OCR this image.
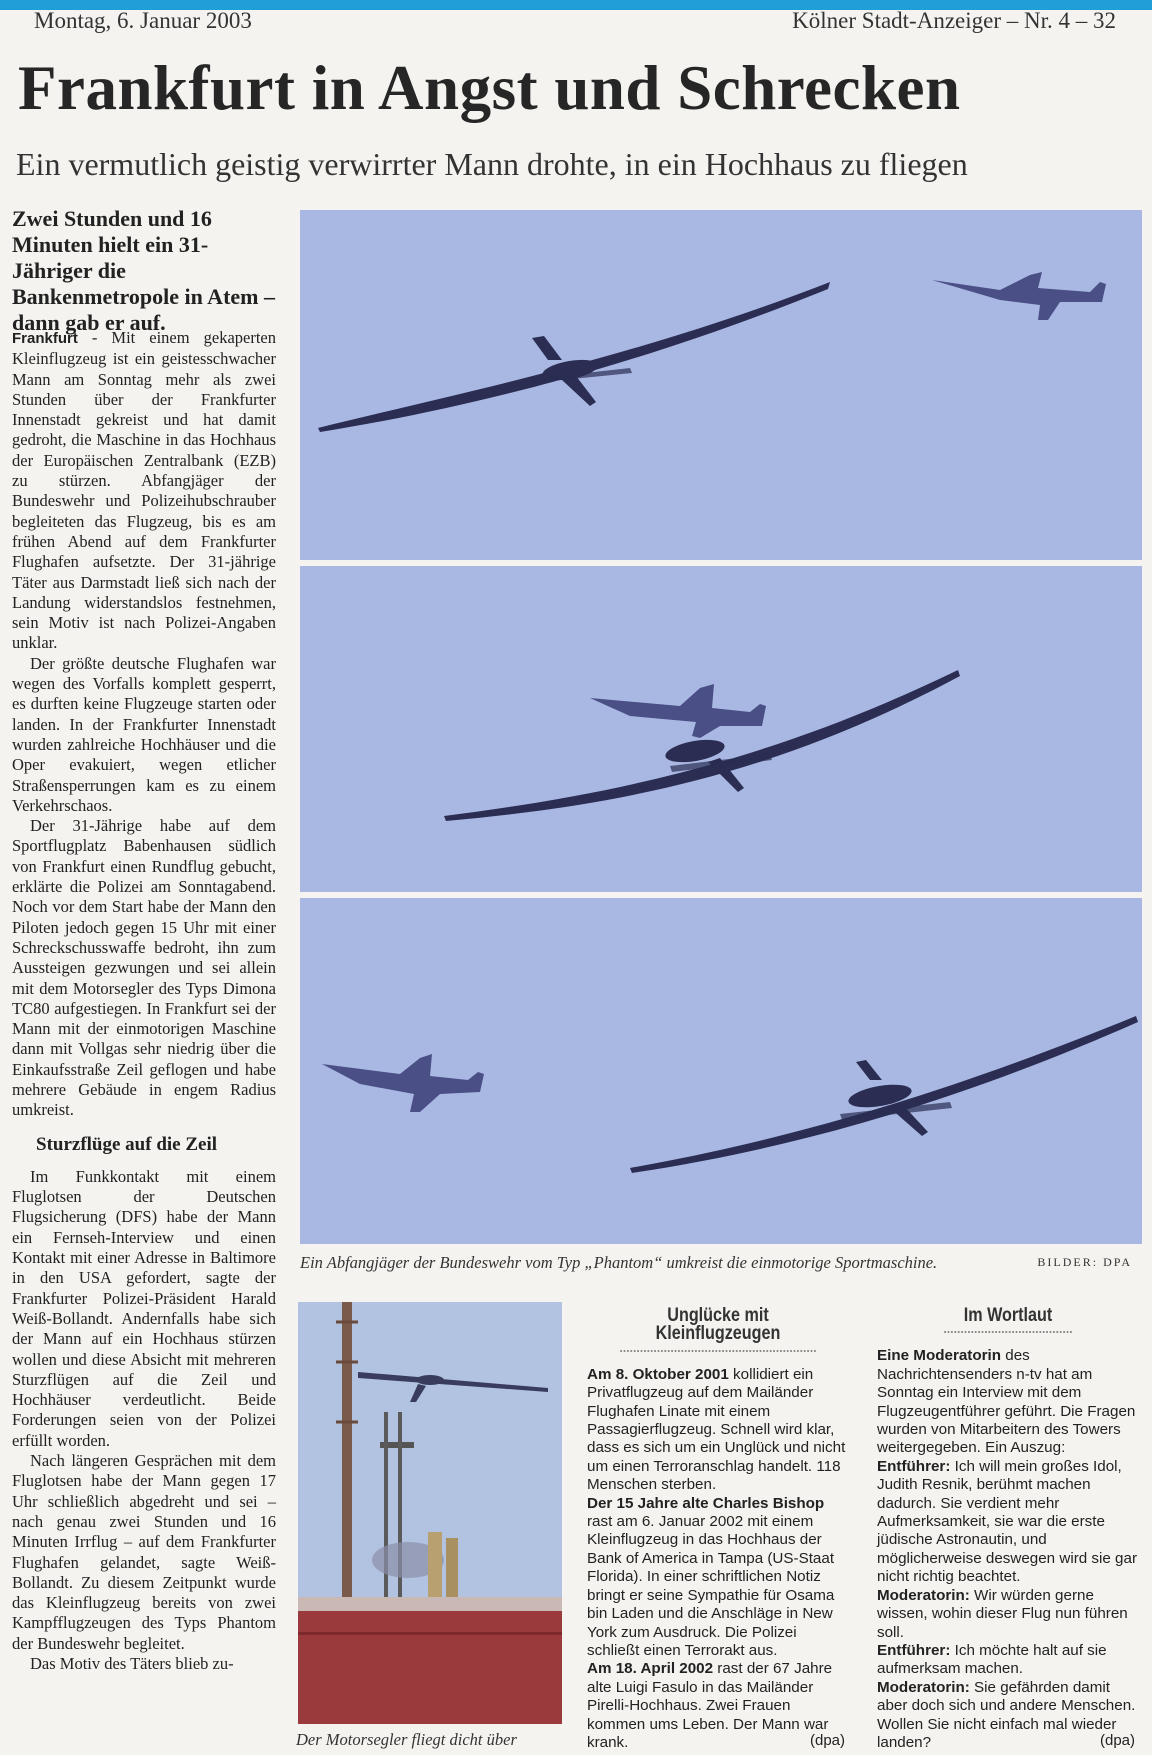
Montag, 6. Januar 2003	Kölner Stadt-Anzeiger – Nr. 4 – 32
Frankfurt in Angst und Schrecken
Ein vermutlich geistig verwirrter Mann drohte, in ein Hochhaus zu fliegen
Zwei Stunden und 16 Minuten hielt ein 31-Jähriger die Bankenmetropole in Atem – dann gab er auf.

Frankfurt - Mit einem gekaperten Kleinflugzeug ist ein geistesschwacher Mann am Sonntag mehr als zwei Stunden über der Frankfurter Innenstadt gekreist und hat damit gedroht, die Maschine in das Hochhaus der Europäischen Zentralbank (EZB) zu stürzen. Abfangjäger der Bundeswehr und Polizeihubschrauber begleiteten das Flugzeug, bis es am frühen Abend auf dem Frankfurter Flughafen aufsetzte. Der 31-jährige Täter aus Darmstadt ließ sich nach der Landung widerstandslos festnehmen, sein Motiv ist nach Polizei-Angaben unklar.

Der größte deutsche Flughafen war wegen des Vorfalls komplett gesperrt, es durften keine Flugzeuge starten oder landen. In der Frankfurter Innenstadt wurden zahlreiche Hochhäuser und die Oper evakuiert, wegen etlicher Straßensperrungen kam es zu einem Verkehrschaos.

Der 31-Jährige habe auf dem Sportflugplatz Babenhausen südlich von Frankfurt einen Rundflug gebucht, erklärte die Polizei am Sonntagabend. Noch vor dem Start habe der Mann den Piloten jedoch gegen 15 Uhr mit einer Schreckschusswaffe bedroht, ihn zum Aussteigen gezwungen und sei allein mit dem Motorsegler des Typs Dimona TC80 aufgestiegen. In Frankfurt sei der Mann mit der einmotorigen Maschine dann mit Vollgas sehr niedrig über die Einkaufsstraße Zeil geflogen und habe mehrere Gebäude in engem Radius umkreist.

Sturzflüge auf die Zeil

Im Funkkontakt mit einem Fluglotsen der Deutschen Flugsicherung (DFS) habe der Mann ein Fernseh-Interview und einen Kontakt mit einer Adresse in Baltimore in den USA gefordert, sagte der Frankfurter Polizei-Präsident Harald Weiß-Bollandt. Andernfalls habe sich der Mann auf ein Hochhaus stürzen wollen und diese Absicht mit mehreren Sturzflügen auf die Zeil und Hochhäuser verdeutlicht. Beide Forderungen seien von der Polizei erfüllt worden.

Nach längeren Gesprächen mit dem Fluglotsen habe der Mann gegen 17 Uhr schließlich abgedreht und sei – nach genau zwei Stunden und 16 Minuten Irrflug – auf dem Frankfurter Flughafen gelandet, sagte Weiß-Bollandt. Zu diesem Zeitpunkt wurde das Kleinflugzeug bereits von zwei Kampfflugzeugen des Typs Phantom der Bundeswehr begleitet.

Das Motiv des Täters blieb zu-

Ein Abfangjäger der Bundeswehr vom Typ „Phantom“ umkreist die einmotorige Sportmaschine.	BILDER: DPA
Der Motorsegler fliegt dicht über
Unglücke mit Kleinflugzeugen

Am 8. Oktober 2001 kollidiert ein Privatflugzeug auf dem Mailänder Flughafen Linate mit einem Passagierflugzeug. Schnell wird klar, dass es sich um ein Unglück und nicht um einen Terroranschlag handelt. 118 Menschen sterben.

Der 15 Jahre alte Charles Bishop rast am 6. Januar 2002 mit einem Kleinflugzeug in das Hochhaus der Bank of America in Tampa (US-Staat Florida). In einer schriftlichen Notiz bringt er seine Sympathie für Osama bin Laden und die Anschläge in New York zum Ausdruck. Die Polizei schließt einen Terrorakt aus.

Am 18. April 2002 rast der 67 Jahre alte Luigi Fasulo in das Mailänder Pirelli-Hochhaus. Zwei Frauen kommen ums Leben. Der Mann war krank.	(dpa)
Im Wortlaut

Eine Moderatorin des Nachrichtensenders n-tv hat am Sonntag ein Interview mit dem Flugzeugentführer geführt. Die Fragen wurden von Mitarbeitern des Towers weitergegeben. Ein Auszug:

Entführer: Ich will mein großes Idol, Judith Resnik, berühmt machen dadurch. Sie verdient mehr Aufmerksamkeit, sie war die erste jüdische Astronautin, und möglicherweise deswegen wird sie gar nicht richtig beachtet.

Moderatorin: Wir würden gerne wissen, wohin dieser Flug nun führen soll.

Entführer: Ich möchte halt auf sie aufmerksam machen.

Moderatorin: Sie gefährden damit aber doch sich und andere Menschen. Wollen Sie nicht einfach mal wieder landen?	(dpa)
